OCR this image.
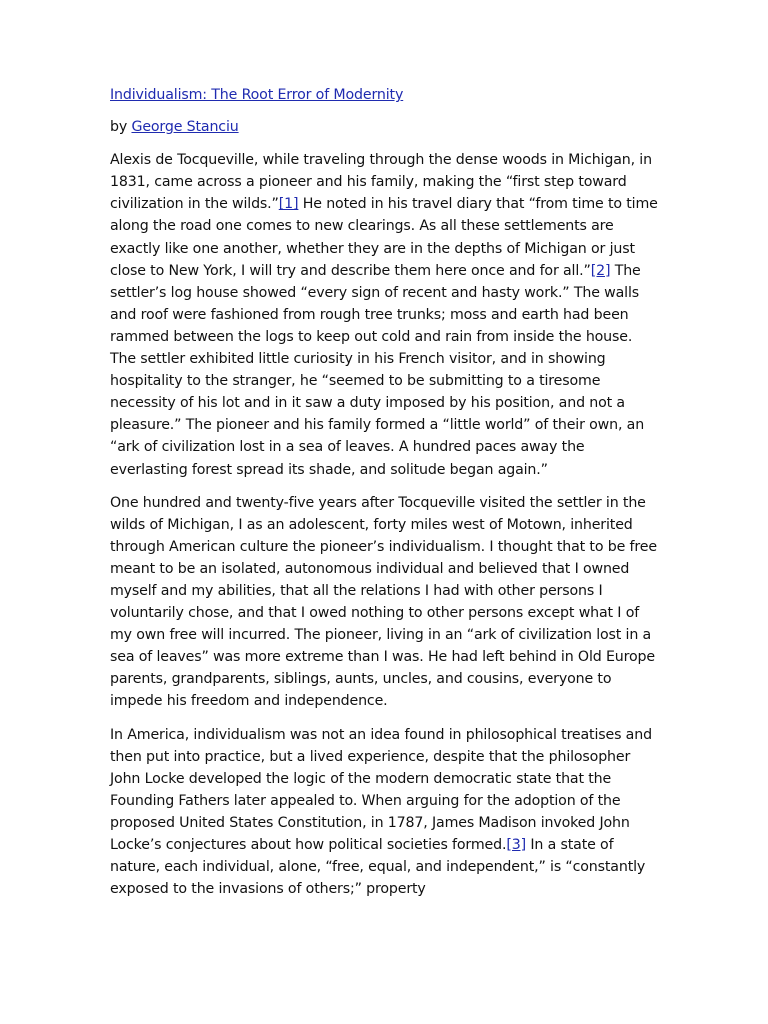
Individualism: The Root Error of Modernity

by George Stanciu

Alexis de Tocqueville, while traveling through the dense woods in Michigan, in 1831, came across a pioneer and his family, making the “first step toward civilization in the wilds.”[1] He noted in his travel diary that “from time to time along the road one comes to new clearings. As all these settlements are exactly like one another, whether they are in the depths of Michigan or just close to New York, I will try and describe them here once and for all.”[2] The settler’s log house showed “every sign of recent and hasty work.” The walls and roof were fashioned from rough tree trunks; moss and earth had been rammed between the logs to keep out cold and rain from inside the house. The settler exhibited little curiosity in his French visitor, and in showing hospitality to the stranger, he “seemed to be submitting to a tiresome necessity of his lot and in it saw a duty imposed by his position, and not a pleasure.” The pioneer and his family formed a “little world” of their own, an “ark of civilization lost in a sea of leaves. A hundred paces away the everlasting forest spread its shade, and solitude began again.”

One hundred and twenty-five years after Tocqueville visited the settler in the wilds of Michigan, I as an adolescent, forty miles west of Motown, inherited through American culture the pioneer’s individualism. I thought that to be free meant to be an isolated, autonomous individual and believed that I owned myself and my abilities, that all the relations I had with other persons I voluntarily chose, and that I owed nothing to other persons except what I of my own free will incurred. The pioneer, living in an “ark of civilization lost in a sea of leaves” was more extreme than I was. He had left behind in Old Europe parents, grandparents, siblings, aunts, uncles, and cousins, everyone to impede his freedom and independence.

In America, individualism was not an idea found in philosophical treatises and then put into practice, but a lived experience, despite that the philosopher John Locke developed the logic of the modern democratic state that the Founding Fathers later appealed to. When arguing for the adoption of the proposed United States Constitution, in 1787, James Madison invoked John Locke’s conjectures about how political societies formed.[3] In a state of nature, each individual, alone, “free, equal, and independent,” is “constantly exposed to the invasions of others;” property
